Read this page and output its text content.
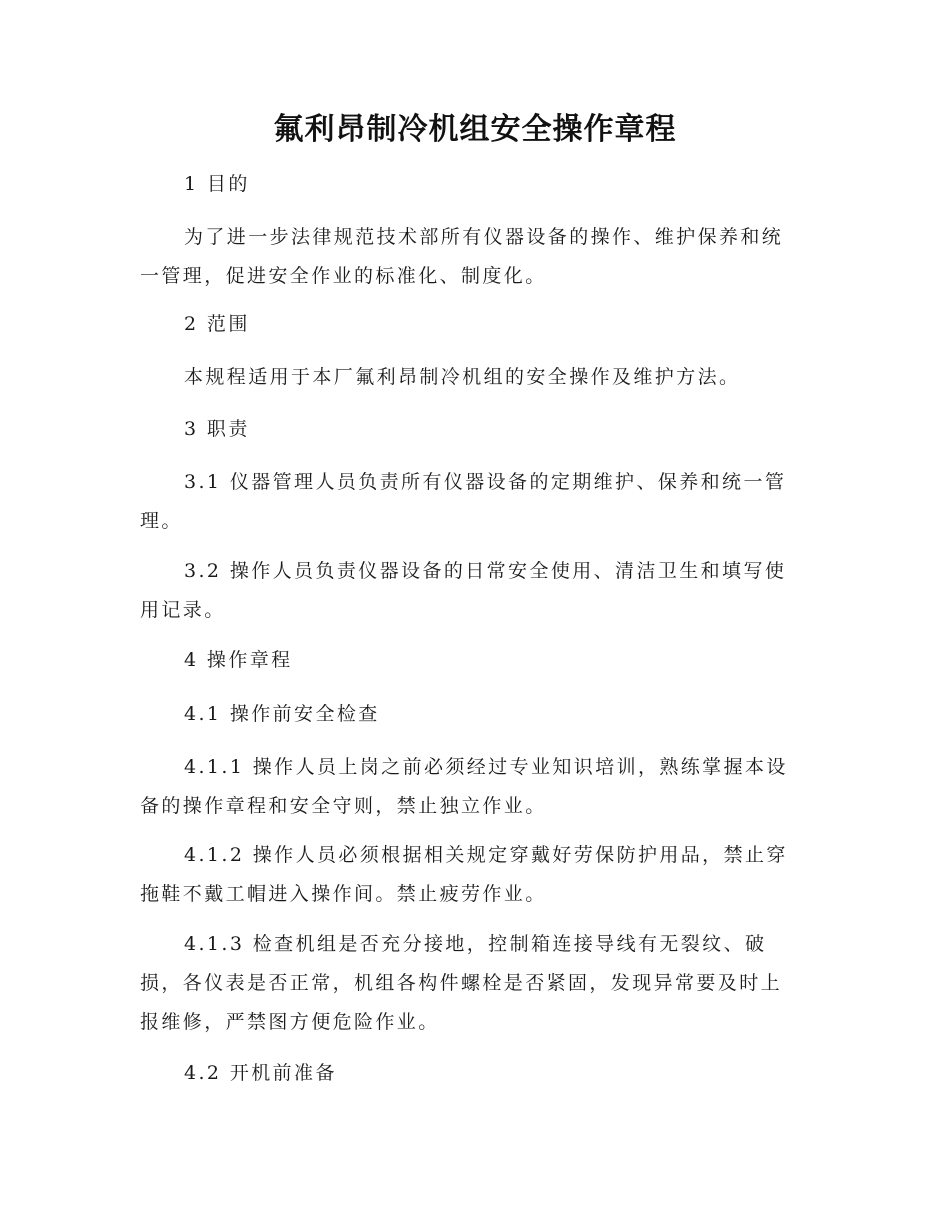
氟利昂制冷机组安全操作章程

1 目的

为了进一步法律规范技术部所有仪器设备的操作、维护保养和统一管理，促进安全作业的标准化、制度化。

2 范围

本规程适用于本厂氟利昂制冷机组的安全操作及维护方法。

3 职责

3.1 仪器管理人员负责所有仪器设备的定期维护、保养和统一管理。

3.2 操作人员负责仪器设备的日常安全使用、清洁卫生和填写使用记录。

4 操作章程

4.1 操作前安全检查

4.1.1 操作人员上岗之前必须经过专业知识培训，熟练掌握本设备的操作章程和安全守则，禁止独立作业。

4.1.2 操作人员必须根据相关规定穿戴好劳保防护用品，禁止穿拖鞋不戴工帽进入操作间。禁止疲劳作业。

4.1.3 检查机组是否充分接地，控制箱连接导线有无裂纹、破损，各仪表是否正常，机组各构件螺栓是否紧固，发现异常要及时上报维修，严禁图方便危险作业。

4.2 开机前准备
